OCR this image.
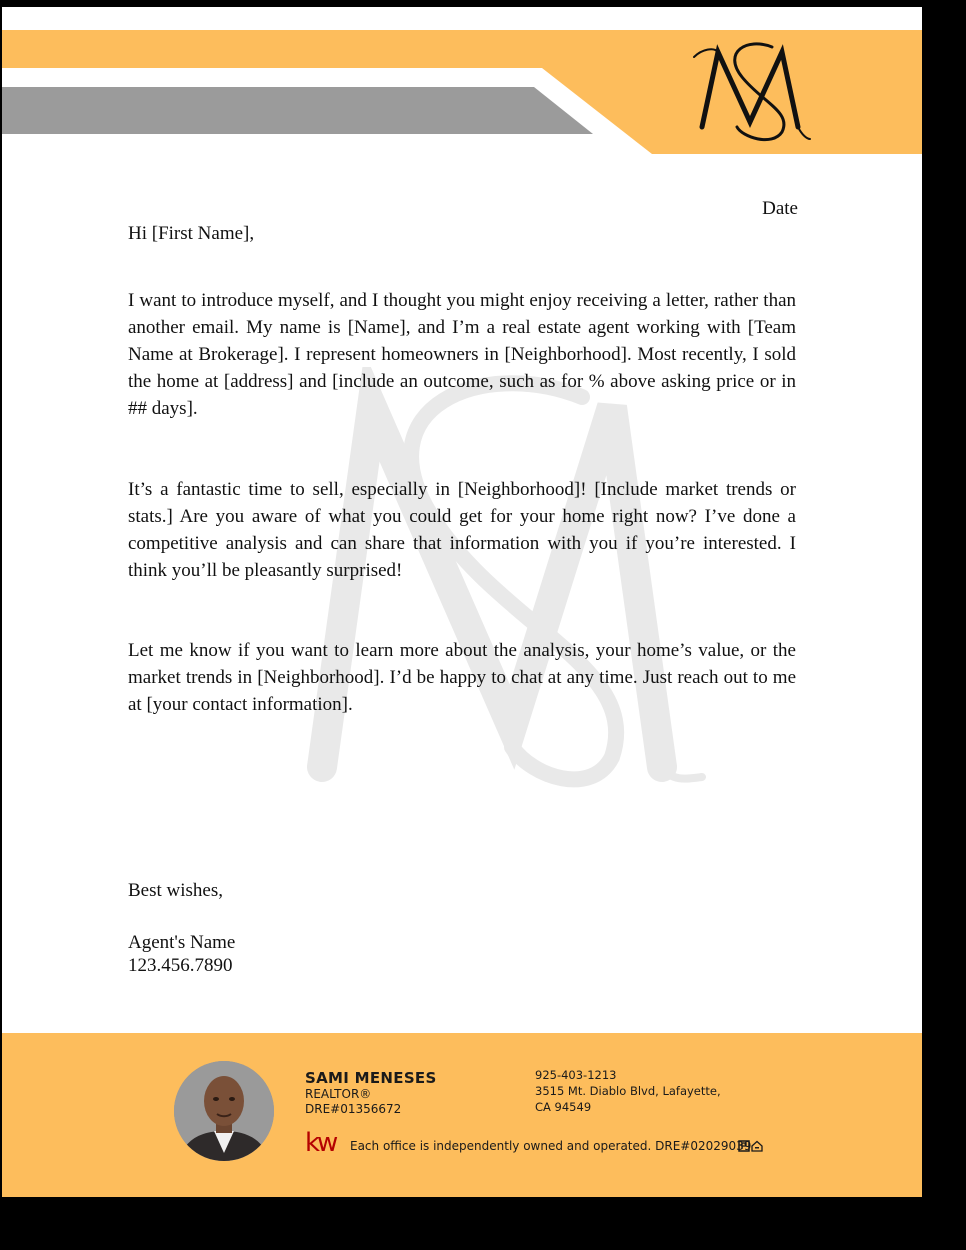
Date
Hi [First Name],
I want to introduce myself, and I thought you might enjoy receiving a letter, rather than another email. My name is [Name], and I’m a real estate agent working with [Team Name at Brokerage]. I represent homeowners in [Neighborhood]. Most recently, I sold the home at [address] and [include an outcome, such as for % above asking price or in ## days].
It’s a fantastic time to sell, especially in [Neighborhood]! [Include market trends or stats.] Are you aware of what you could get for your home right now? I’ve done a competitive analysis and can share that information with you if you’re interested. I think you’ll be pleasantly surprised!
Let me know if you want to learn more about the analysis, your home’s value, or the market trends in [Neighborhood]. I’d be happy to chat at any time. Just reach out to me at [your contact information].
Best wishes,
Agent's Name
123.456.7890
SAMI MENESES
REALTOR®
DRE#01356672
925-403-1213
3515 Mt. Diablo Blvd, Lafayette,
CA 94549
kw Each office is independently owned and operated. DRE#02029039
